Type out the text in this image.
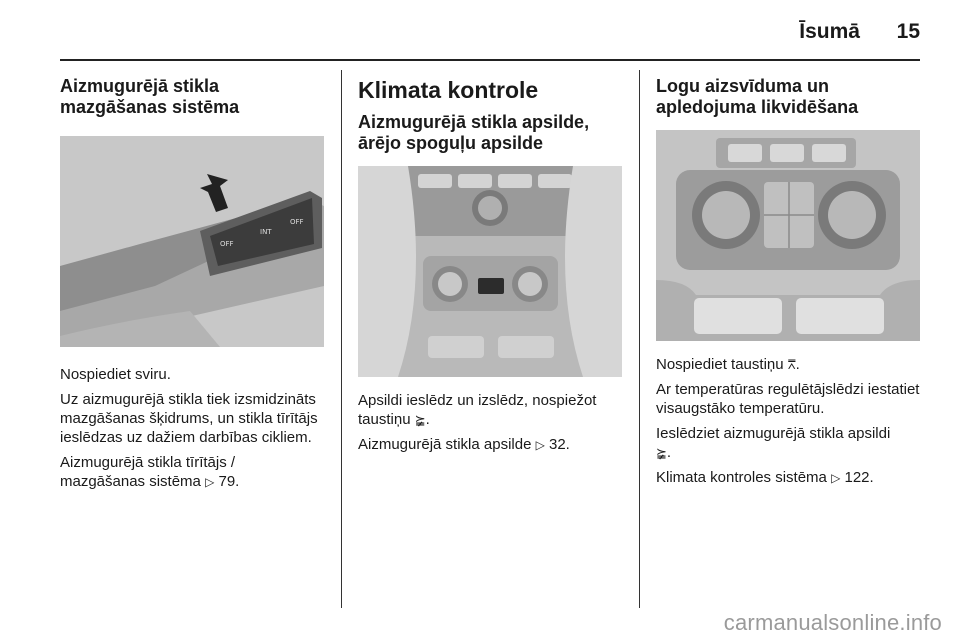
Īsumā 15
Aizmugurējā stikla mazgāšanas sistēma
OFF
INT
OFF
Nospiediet sviru.
Uz aizmugurējā stikla tiek izsmidzināts mazgāšanas šķidrums, un stikla tīrītājs ieslēdzas uz dažiem darbības cikliem.
Aizmugurējā stikla tīrītājs / mazgāšanas sistēma ▷ 79.
Klimata kontrole
Aizmugurējā stikla apsilde, ārējo spoguļu apsilde
Apsildi ieslēdz un izslēdz, nospiežot taustiņu ⪶.
Aizmugurējā stikla apsilde ▷ 32.
Logu aizsvīduma un apledojuma likvidēšana
Nospiediet taustiņu ⩞.
Ar temperatūras regulētājslēdzi iestatiet visaugstāko temperatūru.
Ieslēdziet aizmugurējā stikla apsildi
⪶.
Klimata kontroles sistēma ▷ 122.
carmanualsonline.info
